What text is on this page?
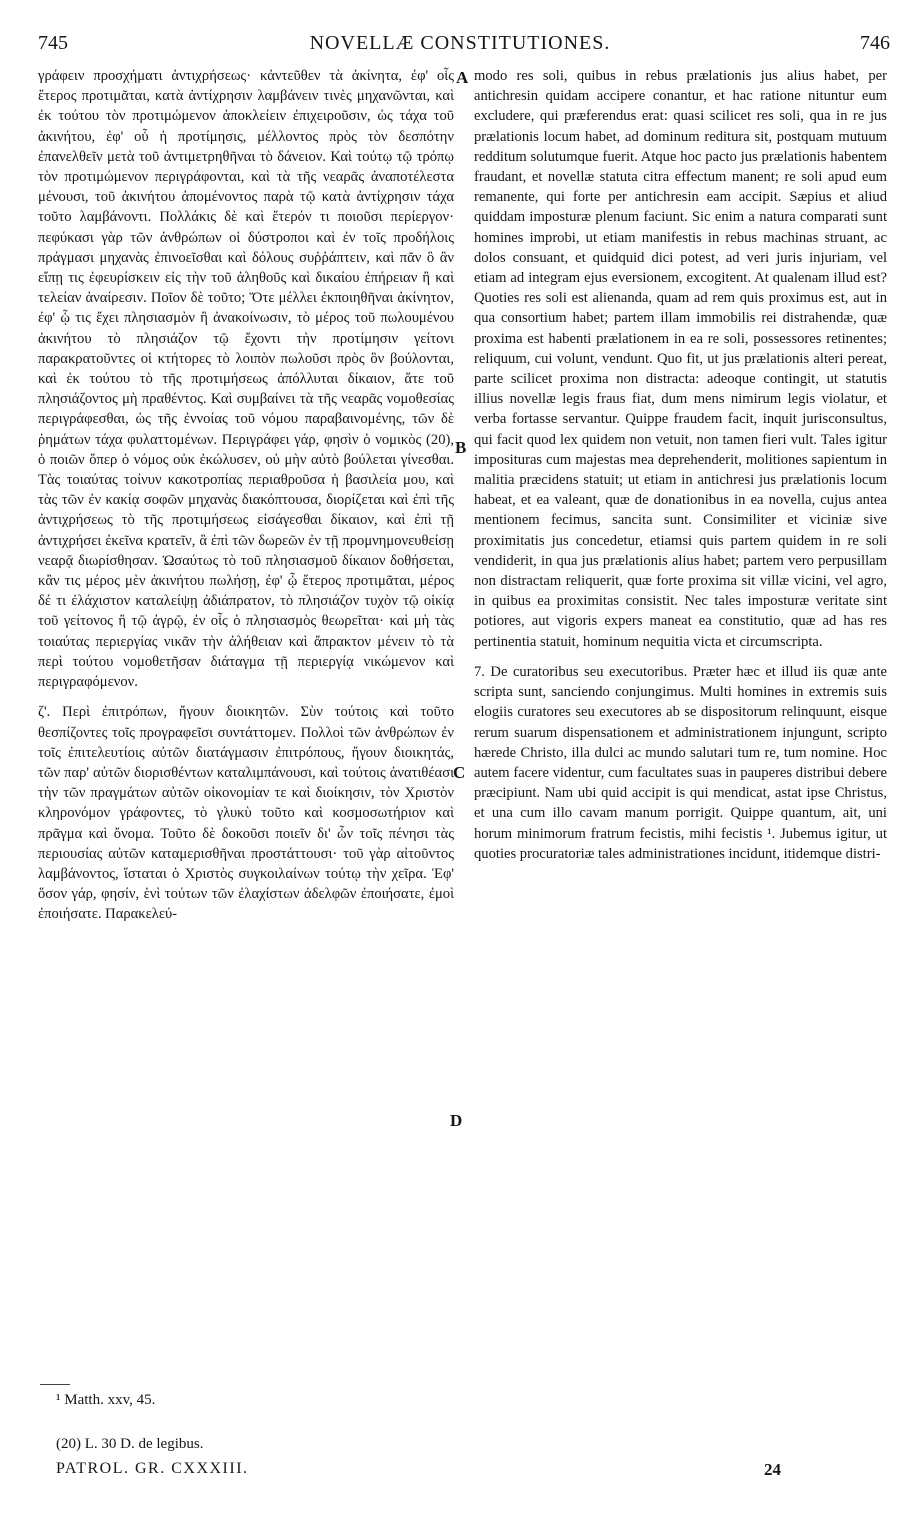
745	NOVELLÆ CONSTITUTIONES.	746

γράφειν προσχήματι ἀντιχρήσεως· κἀντεῦθεν τὰ ἀκίνητα, ἐφ' οἷς ἕτερος προτιμᾶται, κατὰ ἀντίχρησιν λαμβάνειν τινὲς μηχανῶνται, καὶ ἐκ τούτου τὸν προτιμώμενον ἀποκλείειν ἐπιχειροῦσιν, ὡς τάχα τοῦ ἀκινήτου, ἐφ' οὗ ἡ προτίμησις, μέλλοντος πρὸς τὸν δεσπότην ἐπανελθεῖν μετὰ τοῦ ἀντιμετρηθῆναι τὸ δάνειον. Καὶ τούτῳ τῷ τρόπῳ τὸν προτιμώμενον περιγράφονται, καὶ τὰ τῆς νεαρᾶς ἀναποτέλεστα μένουσι, τοῦ ἀκινήτου ἀπομένοντος παρὰ τῷ κατὰ ἀντίχρησιν τάχα τοῦτο λαμβάνοντι. Πολλάκις δὲ καὶ ἕτερόν τι ποιοῦσι περίεργον· πεφύκασι γὰρ τῶν ἀνθρώπων οἱ δύστροποι καὶ ἐν τοῖς προδήλοις πράγμασι μηχανὰς ἐπινοεῖσθαι καὶ δόλους συῤῥάπτειν, καὶ πᾶν ὃ ἂν εἴπῃ τις ἐφευρίσκειν εἰς τὴν τοῦ ἀληθοῦς καὶ δικαίου ἐπήρειαν ἢ καὶ τελείαν ἀναίρεσιν. Ποῖον δὲ τοῦτο; Ὅτε μέλλει ἐκποιηθῆναι ἀκίνητον, ἐφ' ᾧ τις ἔχει πλησιασμὸν ἢ ἀνακοίνωσιν, τὸ μέρος τοῦ πωλουμένου ἀκινήτου τὸ πλησιάζον τῷ ἔχοντι τὴν προτίμησιν γείτονι παρακρατοῦντες οἱ κτήτορες τὸ λοιπὸν πωλοῦσι πρὸς ὃν βούλονται, καὶ ἐκ τούτου τὸ τῆς προτιμήσεως ἀπόλλυται δίκαιον, ἅτε τοῦ πλησιάζοντος μὴ πραθέντος. Καὶ συμβαίνει τὰ τῆς νεαρᾶς νομοθεσίας περιγράφεσθαι, ὡς τῆς ἐννοίας τοῦ νόμου παραβαινομένης, τῶν δὲ ῥημάτων τάχα φυλαττομένων. Περιγράφει γάρ, φησὶν ὁ νομικὸς (20), ὁ ποιῶν ὅπερ ὁ νόμος οὐκ ἐκώλυσεν, οὐ μὴν αὐτὸ βούλεται γίνεσθαι. Τὰς τοιαύτας τοίνυν κακοτροπίας περιαθροῦσα ἡ βασιλεία μου, καὶ τὰς τῶν ἐν κακίᾳ σοφῶν μηχανὰς διακόπτουσα, διορίζεται καὶ ἐπὶ τῆς ἀντιχρήσεως τὸ τῆς προτιμήσεως εἰσάγεσθαι δίκαιον, καὶ ἐπὶ τῇ ἀντιχρήσει ἐκεῖνα κρατεῖν, ἃ ἐπὶ τῶν δωρεῶν ἐν τῇ προμνημονευθείσῃ νεαρᾷ διωρίσθησαν. Ὡσαύτως τὸ τοῦ πλησιασμοῦ δίκαιον δοθήσεται, κἂν τις μέρος μὲν ἀκινήτου πωλήσῃ, ἐφ' ᾧ ἕτερος προτιμᾶται, μέρος δέ τι ἐλάχιστον καταλείψῃ ἀδιάπρατον, τὸ πλησιάζον τυχὸν τῷ οἰκίᾳ τοῦ γείτονος ἢ τῷ ἀγρῷ, ἐν οἷς ὁ πλησιασμὸς θεωρεῖται· καὶ μὴ τὰς τοιαύτας περιεργίας νικᾶν τὴν ἀλήθειαν καὶ ἄπρακτον μένειν τὸ τὰ περὶ τούτου νομοθετῆσαν διάταγμα τῇ περιεργίᾳ νικώμενον καὶ περιγραφόμενον.

ζ'. Περὶ ἐπιτρόπων, ἤγουν διοικητῶν. Σὺν τούτοις καὶ τοῦτο θεσπίζοντες τοῖς προγραφεῖσι συντάττομεν. Πολλοὶ τῶν ἀνθρώπων ἐν τοῖς ἐπιτελευτίοις αὐτῶν διατάγμασιν ἐπιτρόπους, ἤγουν διοικητάς, τῶν παρ' αὐτῶν διορισθέντων καταλιμπάνουσι, καὶ τούτοις ἀνατιθέασι τὴν τῶν πραγμάτων αὐτῶν οἰκονομίαν τε καὶ διοίκησιν, τὸν Χριστὸν κληρονόμον γράφοντες, τὸ γλυκὺ τοῦτο καὶ κοσμοσωτήριον καὶ πρᾶγμα καὶ ὄνομα. Τοῦτο δὲ δοκοῦσι ποιεῖν δι' ὧν τοῖς πένησι τὰς περιουσίας αὐτῶν καταμερισθῆναι προστάττουσι· τοῦ γὰρ αἰτοῦντος λαμβάνοντος, ἵσταται ὁ Χριστὸς συγκοιλαίνων τούτῳ τὴν χεῖρα. Ἐφ' ὅσον γάρ, φησίν, ἑνὶ τούτων τῶν ἐλαχίστων ἀδελφῶν ἐποιήσατε, ἐμοὶ ἐποιήσατε. Παρακελεύ-

A
B
C
D

modo res soli, quibus in rebus prælationis jus alius habet, per antichresin quidam accipere conantur, et hac ratione nituntur eum excludere, qui præferendus erat: quasi scilicet res soli, qua in re jus prælationis locum habet, ad dominum reditura sit, postquam mutuum redditum solutumque fuerit. Atque hoc pacto jus prælationis habentem fraudant, et novellæ statuta citra effectum manent; re soli apud eum remanente, qui forte per antichresin eam accipit. Sæpius et aliud quiddam imposturæ plenum faciunt. Sic enim a natura comparati sunt homines improbi, ut etiam manifestis in rebus machinas struant, ac dolos consuant, et quidquid dici potest, ad veri juris injuriam, vel etiam ad integram ejus eversionem, excogitent. At qualenam illud est? Quoties res soli est alienanda, quam ad rem quis proximus est, aut in qua consortium habet; partem illam immobilis rei distrahendæ, quæ proxima est habenti prælationem in ea re soli, possessores retinentes; reliquum, cui volunt, vendunt. Quo fit, ut jus prælationis alteri pereat, parte scilicet proxima non distracta: adeoque contingit, ut statutis illius novellæ legis fraus fiat, dum mens nimirum legis violatur, et verba fortasse servantur. Quippe fraudem facit, inquit jurisconsultus, qui facit quod lex quidem non vetuit, non tamen fieri vult. Tales igitur imposituras cum majestas mea deprehenderit, molitiones sapientum in malitia præcidens statuit; ut etiam in antichresi jus prælationis locum habeat, et ea valeant, quæ de donationibus in ea novella, cujus antea mentionem fecimus, sancita sunt. Consimiliter et viciniæ sive proximitatis jus concedetur, etiamsi quis partem quidem in re soli vendiderit, in qua jus prælationis alius habet; partem vero perpusillam non distractam reliquerit, quæ forte proxima sit villæ vicini, vel agro, in quibus ea proximitas consistit. Nec tales imposturæ veritate sint potiores, aut vigoris expers maneat ea constitutio, quæ ad has res pertinentia statuit, hominum nequitia victa et circumscripta.

7. De curatoribus seu executoribus. Præter hæc et illud iis quæ ante scripta sunt, sanciendo conjungimus. Multi homines in extremis suis elogiis curatores seu executores ab se dispositorum relinquunt, eisque rerum suarum dispensationem et administrationem injungunt, scripto hærede Christo, illa dulci ac mundo salutari tum re, tum nomine. Hoc autem facere videntur, cum facultates suas in pauperes distribui debere præcipiunt. Nam ubi quid accipit is qui mendicat, astat ipse Christus, et una cum illo cavam manum porrigit. Quippe quantum, ait, uni horum minimorum fratrum fecistis, mihi fecistis ¹. Jubemus igitur, ut quoties procuratoriæ tales administrationes incidunt, itidemque distri-

¹ Matth. xxv, 45.
(20) L. 30 D. de legibus.
PATROL. GR. CXXXIII.	24
